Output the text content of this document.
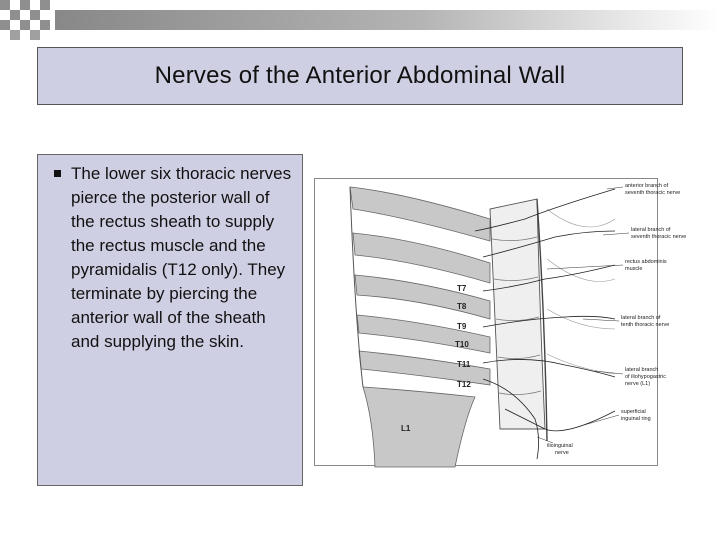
Nerves of the Anterior Abdominal Wall
The lower six thoracic nerves pierce the posterior wall of the rectus sheath to supply the rectus muscle and the pyramidalis (T12 only). They terminate by piercing the anterior wall of the sheath and supplying the skin.
T7
T8
T9
T10
T11
T12
L1
anterior branch of
seventh thoracic nerve
lateral branch of
seventh thoracic nerve
rectus abdominis
muscle
lateral branch of
tenth thoracic nerve
lateral branch
of iliohypogastric
nerve (L1)
superficial
inguinal ring
ilioinguinal
nerve
